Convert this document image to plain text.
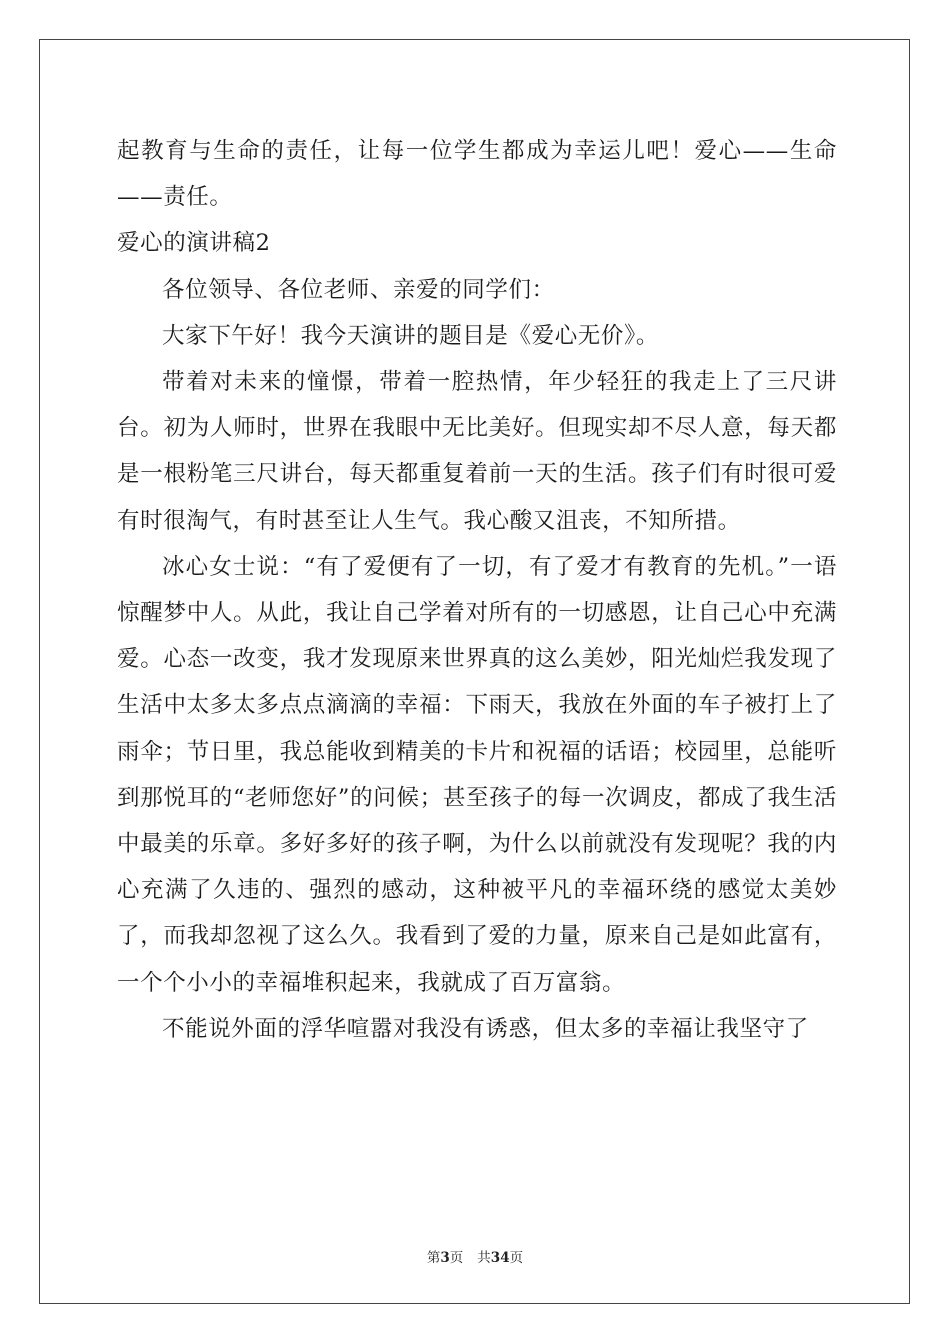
起教育与生命的责任，让每一位学生都成为幸运儿吧！爱心——生命——责任。

爱心的演讲稿2

各位领导、各位老师、亲爱的同学们：

大家下午好！我今天演讲的题目是《爱心无价》。

带着对未来的憧憬，带着一腔热情，年少轻狂的我走上了三尺讲台。初为人师时，世界在我眼中无比美好。但现实却不尽人意，每天都是一根粉笔三尺讲台，每天都重复着前一天的生活。孩子们有时很可爱有时很淘气，有时甚至让人生气。我心酸又沮丧，不知所措。

冰心女士说：“有了爱便有了一切，有了爱才有教育的先机。”一语惊醒梦中人。从此，我让自己学着对所有的一切感恩，让自己心中充满爱。心态一改变，我才发现原来世界真的这么美妙，阳光灿烂我发现了生活中太多太多点点滴滴的幸福：下雨天，我放在外面的车子被打上了雨伞；节日里，我总能收到精美的卡片和祝福的话语；校园里，总能听到那悦耳的“老师您好”的问候；甚至孩子的每一次调皮，都成了我生活中最美的乐章。多好多好的孩子啊，为什么以前就没有发现呢？我的内心充满了久违的、强烈的感动，这种被平凡的幸福环绕的感觉太美妙了，而我却忽视了这么久。我看到了爱的力量，原来自己是如此富有，一个个小小的幸福堆积起来，我就成了百万富翁。

不能说外面的浮华喧嚣对我没有诱惑，但太多的幸福让我坚守了

第3页 共34页
